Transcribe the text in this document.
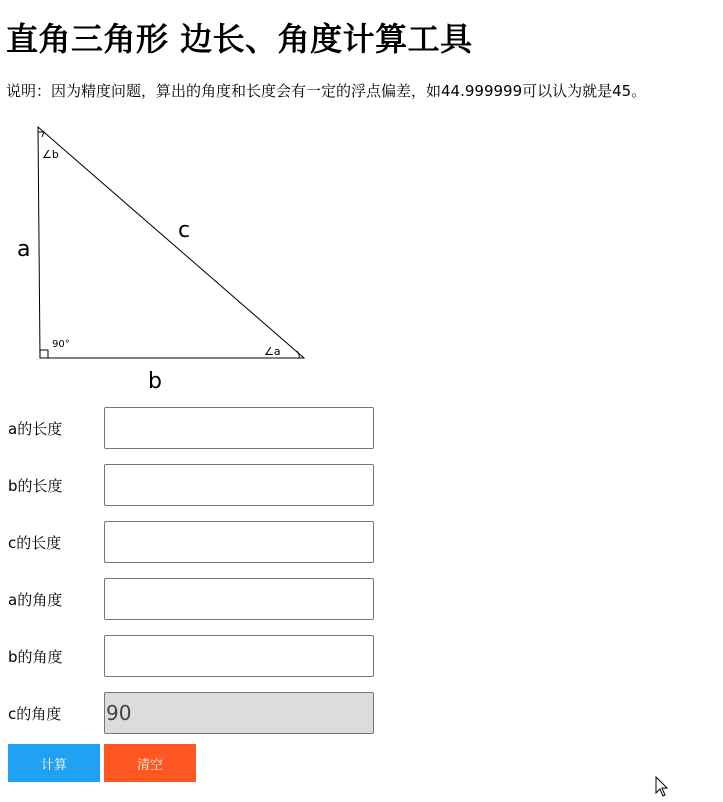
直角三角形 边长、角度计算工具
说明：因为精度问题，算出的角度和长度会有一定的浮点偏差，如44.999999可以认为就是45。
a
c
b
∠b
90°
∠a
a的长度
b的长度
c的长度
a的角度
b的角度
c的角度
90
计算	清空
